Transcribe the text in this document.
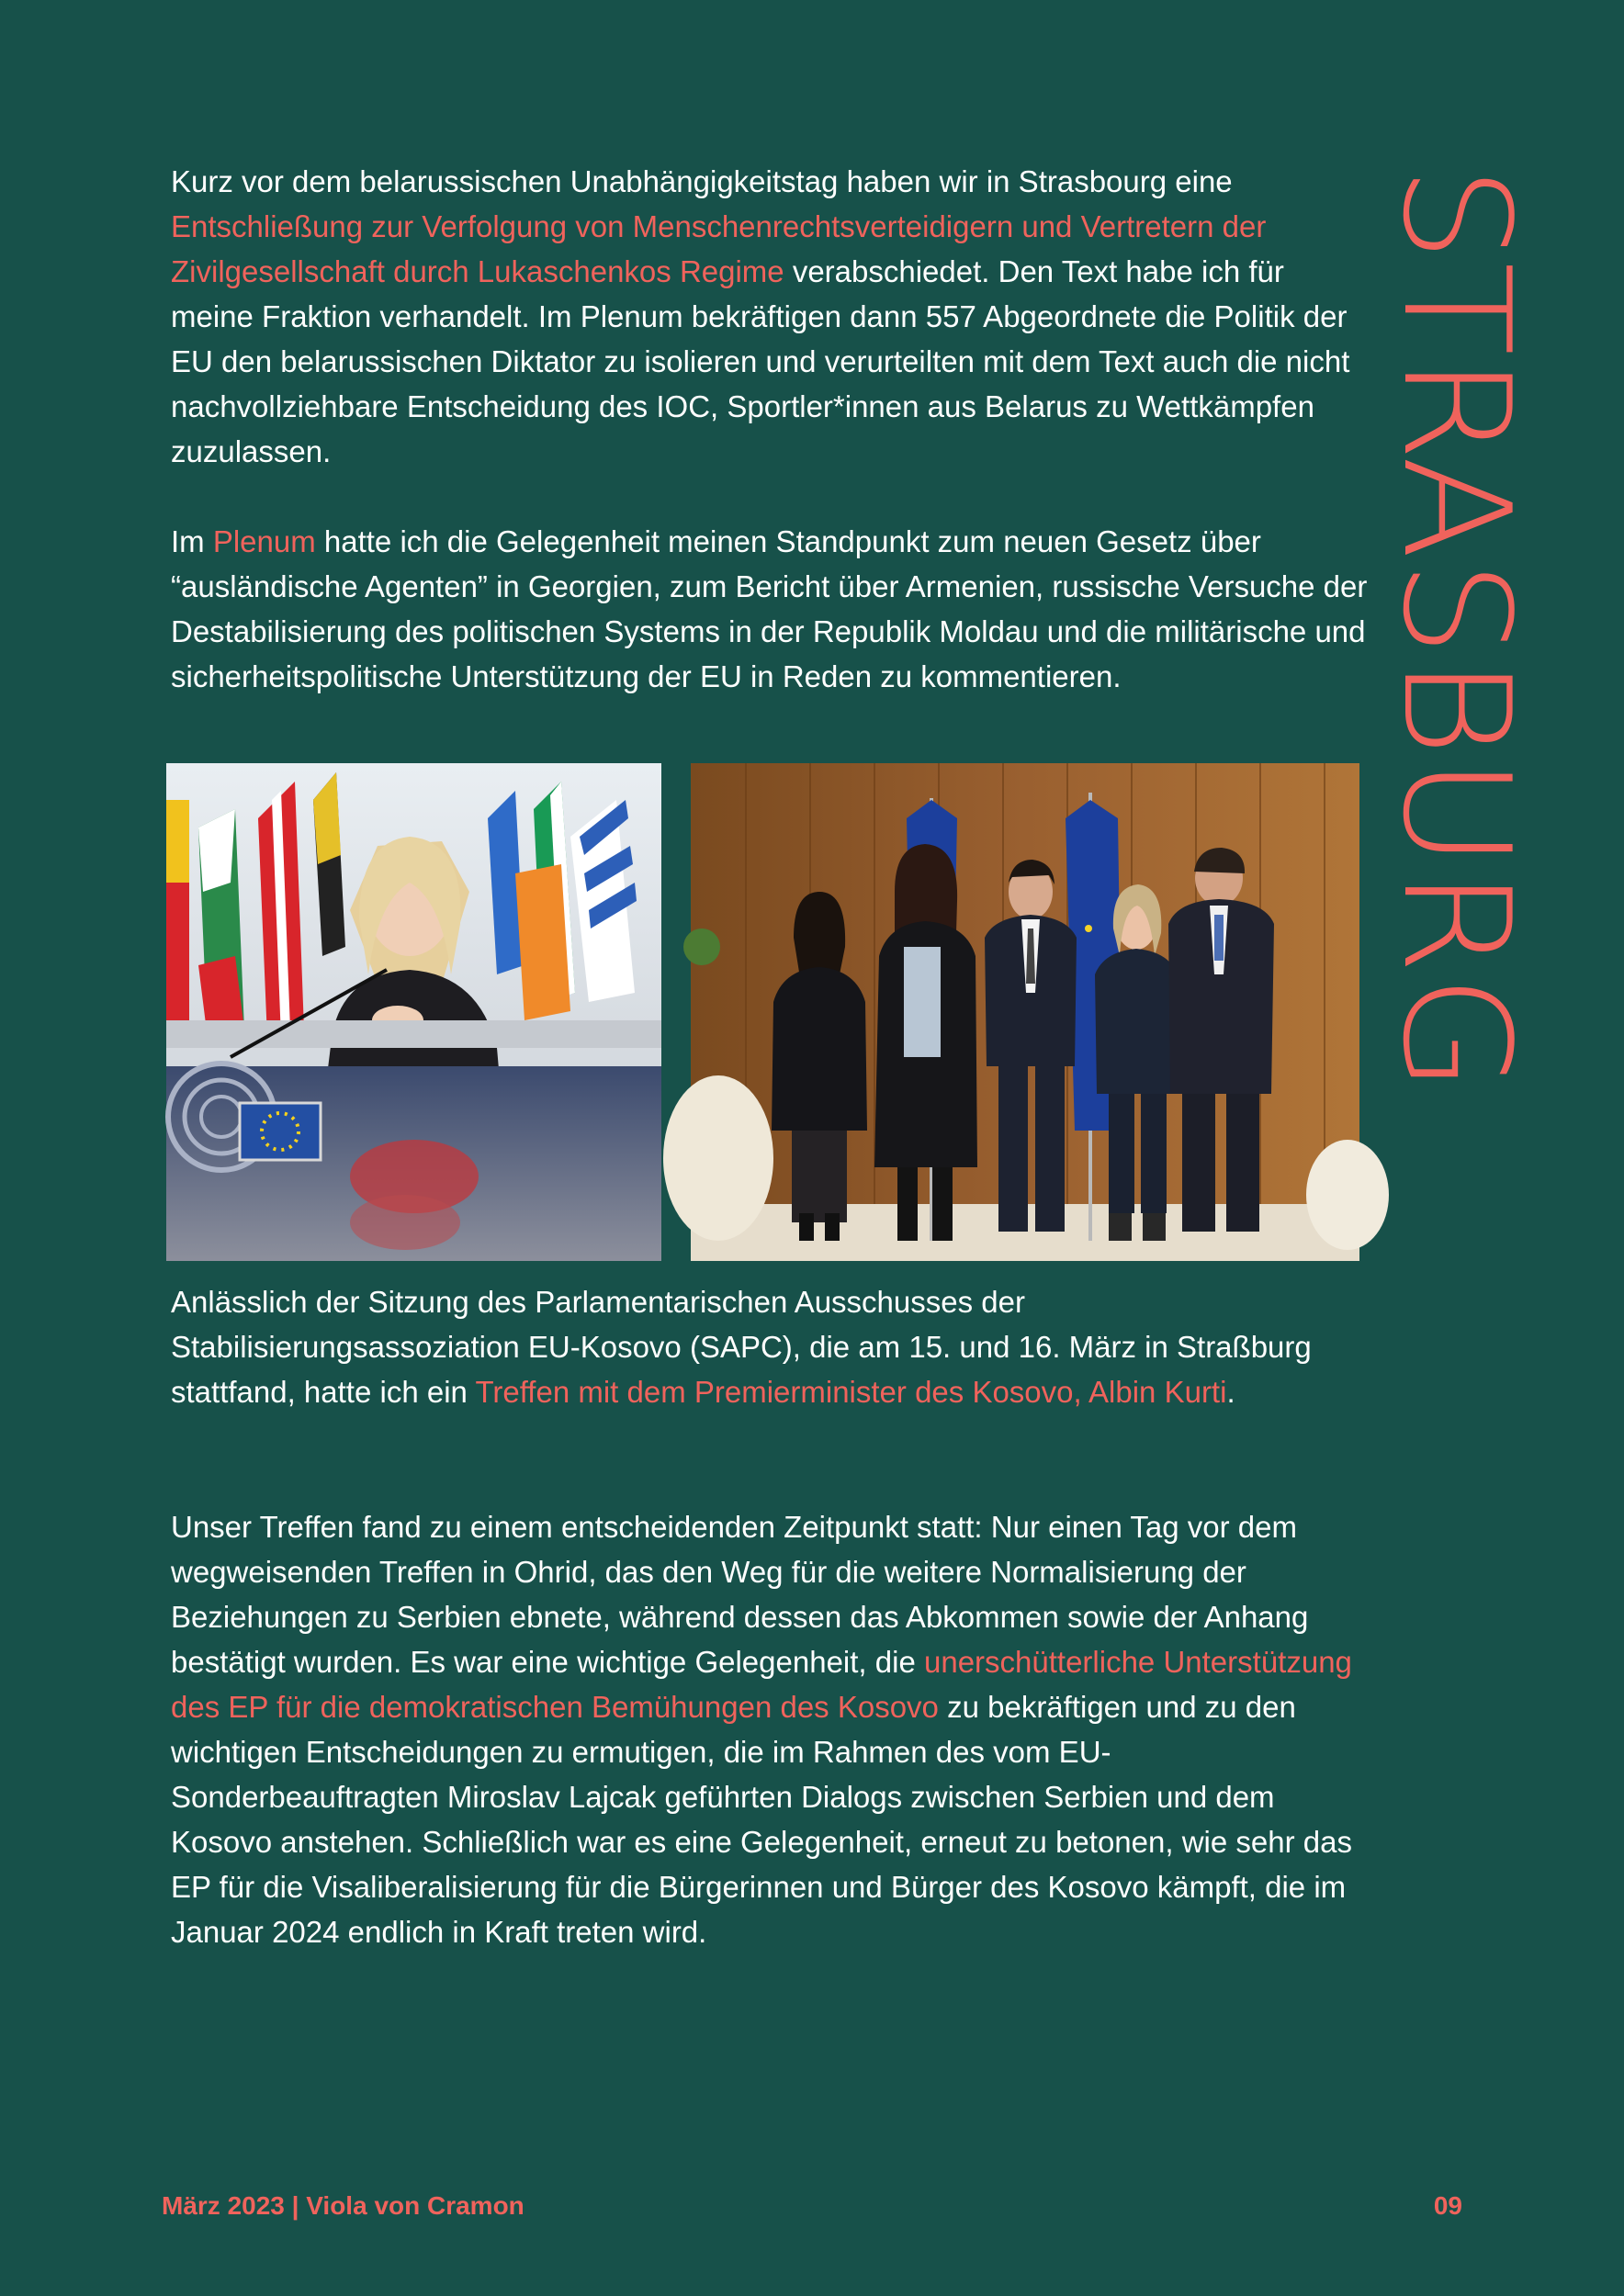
Kurz vor dem belarussischen Unabhängigkeitstag haben wir in Strasbourg eine Entschließung zur Verfolgung von Menschenrechtsverteidigern und Vertretern der Zivilgesellschaft durch Lukaschenkos Regime verabschiedet. Den Text habe ich für meine Fraktion verhandelt. Im Plenum bekräftigen dann 557 Abgeordnete die Politik der EU den belarussischen Diktator zu isolieren und verurteilten mit dem Text auch die nicht nachvollziehbare Entscheidung des IOC, Sportler*innen aus Belarus zu Wettkämpfen zuzulassen.

Im Plenum hatte ich die Gelegenheit meinen Standpunkt zum neuen Gesetz über “ausländische Agenten” in Georgien, zum Bericht über Armenien, russische Versuche der Destabilisierung des politischen Systems in der Republik Moldau und die militärische und sicherheitspolitische Unterstützung der EU in Reden zu kommentieren.

Anlässlich der Sitzung des Parlamentarischen Ausschusses der Stabilisierungsassoziation EU-Kosovo (SAPC), die am 15. und 16. März in Straßburg stattfand, hatte ich ein Treffen mit dem Premierminister des Kosovo, Albin Kurti.

Unser Treffen fand zu einem entscheidenden Zeitpunkt statt: Nur einen Tag vor dem wegweisenden Treffen in Ohrid, das den Weg für die weitere Normalisierung der Beziehungen zu Serbien ebnete, während dessen das Abkommen sowie der Anhang bestätigt wurden. Es war eine wichtige Gelegenheit, die unerschütterliche Unterstützung des EP für die demokratischen Bemühungen des Kosovo zu bekräftigen und zu den wichtigen Entscheidungen zu ermutigen, die im Rahmen des vom EU-Sonderbeauftragten Miroslav Lajcak geführten Dialogs zwischen Serbien und dem Kosovo anstehen. Schließlich war es eine Gelegenheit, erneut zu betonen, wie sehr das EP für die Visaliberalisierung für die Bürgerinnen und Bürger des Kosovo kämpft, die im Januar 2024 endlich in Kraft treten wird.

STRASBURG
März 2023 | Viola von Cramon	09
